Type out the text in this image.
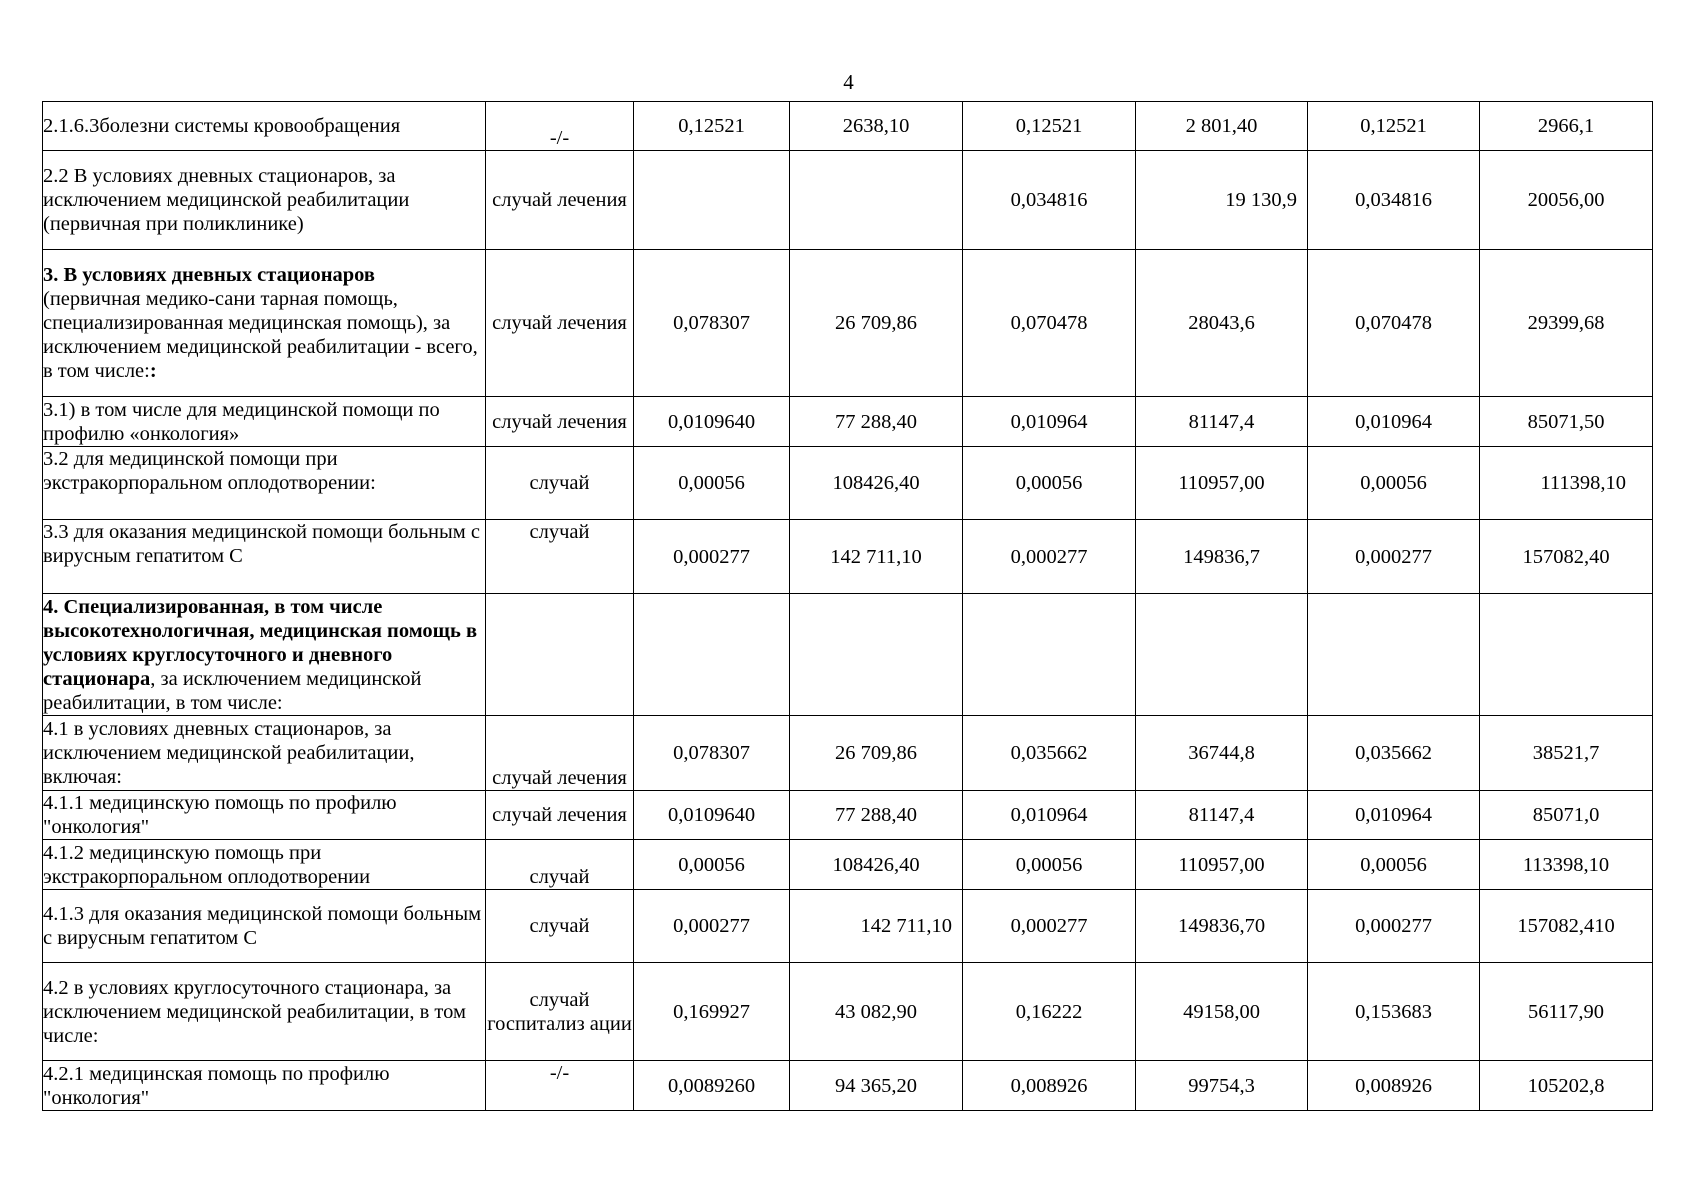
4
2.1.6.3болезни системы кровообращения	-/-	0,12521	2638,10	0,12521	2 801,40	0,12521	2966,1
2.2 В условиях дневных стационаров, за исключением медицинской реабилитации (первичная при поликлинике)	случай лечения			0,034816	19 130,9	0,034816	20056,00
3. В условиях дневных стационаров
(первичная медико-сани тарная помощь, специализированная медицинская помощь), за исключением медицинской реабилитации - всего, в том числе::	случай лечения	0,078307	26 709,86	0,070478	28043,6	0,070478	29399,68
3.1) в том числе для медицинской помощи по профилю «онкология»	случай лечения	0,0109640	77 288,40	0,010964	81147,4	0,010964	85071,50
3.2 для медицинской помощи при экстракорпоральном оплодотворении:	случай	0,00056	108426,40	0,00056	110957,00	0,00056	111398,10
3.3 для оказания медицинской помощи больным с вирусным гепатитом С	случай	0,000277	142 711,10	0,000277	149836,7	0,000277	157082,40
4. Специализированная, в том числе высокотехнологичная, медицинская помощь в условиях круглосуточного и дневного стационара, за исключением медицинской реабилитации, в том числе:							
4.1 в условиях дневных стационаров, за исключением медицинской реабилитации, включая:	случай лечения	0,078307	26 709,86	0,035662	36744,8	0,035662	38521,7
4.1.1 медицинскую помощь по профилю "онкология"	случай лечения	0,0109640	77 288,40	0,010964	81147,4	0,010964	85071,0
4.1.2 медицинскую помощь при экстракорпоральном оплодотворении	случай	0,00056	108426,40	0,00056	110957,00	0,00056	113398,10
4.1.3 для оказания медицинской помощи больным с вирусным гепатитом С	случай	0,000277	142 711,10	0,000277	149836,70	0,000277	157082,410
4.2 в условиях круглосуточного стационара, за исключением медицинской реабилитации, в том числе:	случай госпитализ ации	0,169927	43 082,90	0,16222	49158,00	0,153683	56117,90
4.2.1 медицинская помощь по профилю "онкология"	-/-	0,0089260	94 365,20	0,008926	99754,3	0,008926	105202,8
